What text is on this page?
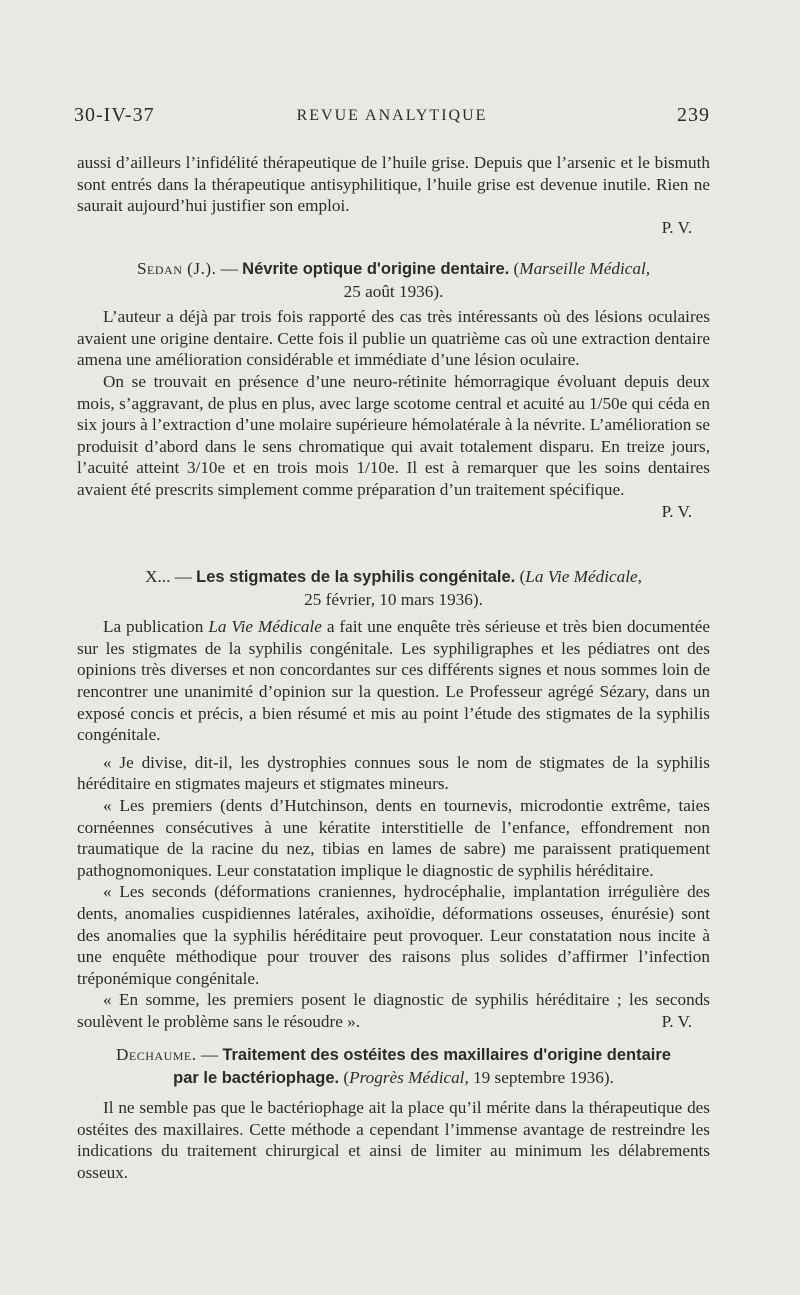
30-IV-37	REVUE ANALYTIQUE	239

aussi d’ailleurs l’infidélité thérapeutique de l’huile grise. Depuis que l’arsenic et le bismuth sont entrés dans la thérapeutique antisyphilitique, l’huile grise est devenue inutile. Rien ne saurait aujourd’hui justifier son emploi.

P. V.

Sedan (J.). — Névrite optique d'origine dentaire. (Marseille Médical,
25 août 1936).

L’auteur a déjà par trois fois rapporté des cas très intéressants où des lésions oculaires avaient une origine dentaire. Cette fois il publie un quatrième cas où une extraction dentaire amena une amélioration considérable et immédiate d’une lésion oculaire.

On se trouvait en présence d’une neuro-rétinite hémorragique évoluant depuis deux mois, s’aggravant, de plus en plus, avec large scotome central et acuité au 1/50e qui céda en six jours à l’extraction d’une molaire supérieure hémolatérale à la névrite. L’amélioration se produisit d’abord dans le sens chromatique qui avait totalement disparu. En treize jours, l’acuité atteint 3/10e et en trois mois 1/10e. Il est à remarquer que les soins dentaires avaient été prescrits simplement comme préparation d’un traitement spécifique.

P. V.

X... — Les stigmates de la syphilis congénitale. (La Vie Médicale,
25 février, 10 mars 1936).

La publication La Vie Médicale a fait une enquête très sérieuse et très bien documentée sur les stigmates de la syphilis congénitale. Les syphiligraphes et les pédiatres ont des opinions très diverses et non concordantes sur ces différents signes et nous sommes loin de rencontrer une unanimité d’opinion sur la question. Le Professeur agrégé Sézary, dans un exposé concis et précis, a bien résumé et mis au point l’étude des stigmates de la syphilis congénitale.

« Je divise, dit-il, les dystrophies connues sous le nom de stigmates de la syphilis héréditaire en stigmates majeurs et stigmates mineurs.

« Les premiers (dents d’Hutchinson, dents en tournevis, microdontie extrême, taies cornéennes consécutives à une kératite interstitielle de l’enfance, effondrement non traumatique de la racine du nez, tibias en lames de sabre) me paraissent pratiquement pathognomoniques. Leur constatation implique le diagnostic de syphilis héréditaire.

« Les seconds (déformations craniennes, hydrocéphalie, implantation irrégulière des dents, anomalies cuspidiennes latérales, axihoïdie, déformations osseuses, énurésie) sont des anomalies que la syphilis héréditaire peut provoquer. Leur constatation nous incite à une enquête méthodique pour trouver des raisons plus solides d’affirmer l’infection tréponémique congénitale.

« En somme, les premiers posent le diagnostic de syphilis héréditaire ; les seconds soulèvent le problème sans le résoudre ».	P. V.

Dechaume. — Traitement des ostéites des maxillaires d'origine dentaire
par le bactériophage. (Progrès Médical, 19 septembre 1936).

Il ne semble pas que le bactériophage ait la place qu’il mérite dans la thérapeutique des ostéites des maxillaires. Cette méthode a cependant l’immense avantage de restreindre les indications du traitement chirurgical et ainsi de limiter au minimum les délabrements osseux.
